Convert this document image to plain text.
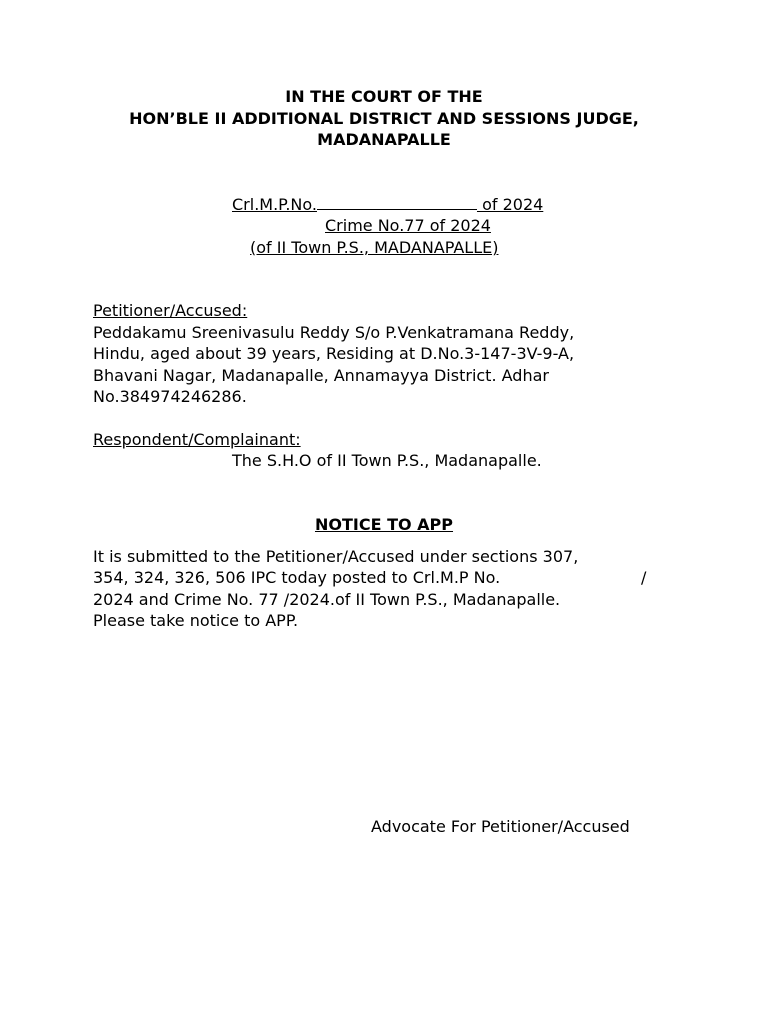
IN THE COURT OF THE
HON’BLE II ADDITIONAL DISTRICT AND SESSIONS JUDGE,
MADANAPALLE
Crl.M.P.No.	of 2024
Crime No.77 of 2024
(of II Town P.S., MADANAPALLE)
Petitioner/Accused:
Peddakamu Sreenivasulu Reddy S/o P.Venkatramana Reddy,
Hindu, aged about 39 years, Residing at D.No.3-147-3V-9-A,
Bhavani Nagar, Madanapalle, Annamayya District. Adhar
No.384974246286.
Respondent/Complainant:
The S.H.O of II Town P.S., Madanapalle.
NOTICE TO APP
It is submitted to the Petitioner/Accused under sections 307,
354, 324, 326, 506 IPC today posted to Crl.M.P No.	/
2024 and Crime No. 77 /2024.of II Town P.S., Madanapalle.
Please take notice to APP.
Advocate For Petitioner/Accused
